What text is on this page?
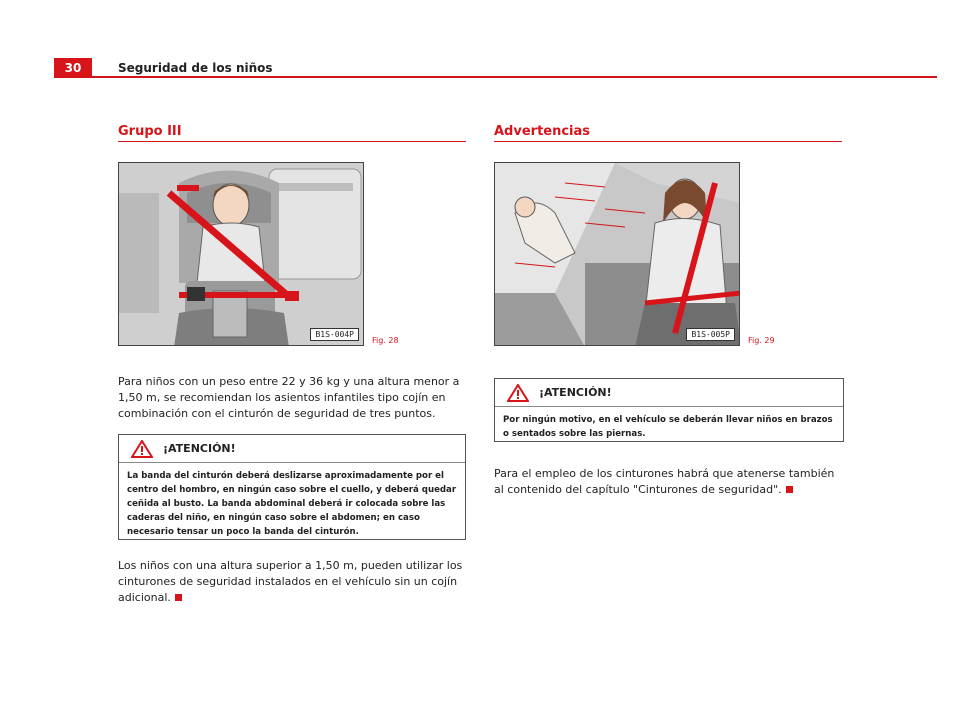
30	Seguridad de los niños
Grupo III
B1S-004P
Fig. 28
Para niños con un peso entre 22 y 36 kg y una altura menor a 1,50 m, se recomiendan los asientos infantiles tipo cojín en combinación con el cinturón de seguridad de tres puntos.
¡ATENCIÓN!
La banda del cinturón deberá deslizarse aproximadamente por el centro del hombro, en ningún caso sobre el cuello, y deberá quedar ceñida al busto. La banda abdominal deberá ir colocada sobre las caderas del niño, en ningún caso sobre el abdomen; en caso necesario tensar un poco la banda del cinturón.
Los niños con una altura superior a 1,50 m, pueden utilizar los cinturones de seguridad instalados en el vehículo sin un cojín adicional.
Advertencias
B1S-005P
Fig. 29
¡ATENCIÓN!
Por ningún motivo, en el vehículo se deberán llevar niños en brazos o sentados sobre las piernas.
Para el empleo de los cinturones habrá que atenerse también al contenido del capítulo "Cinturones de seguridad".
